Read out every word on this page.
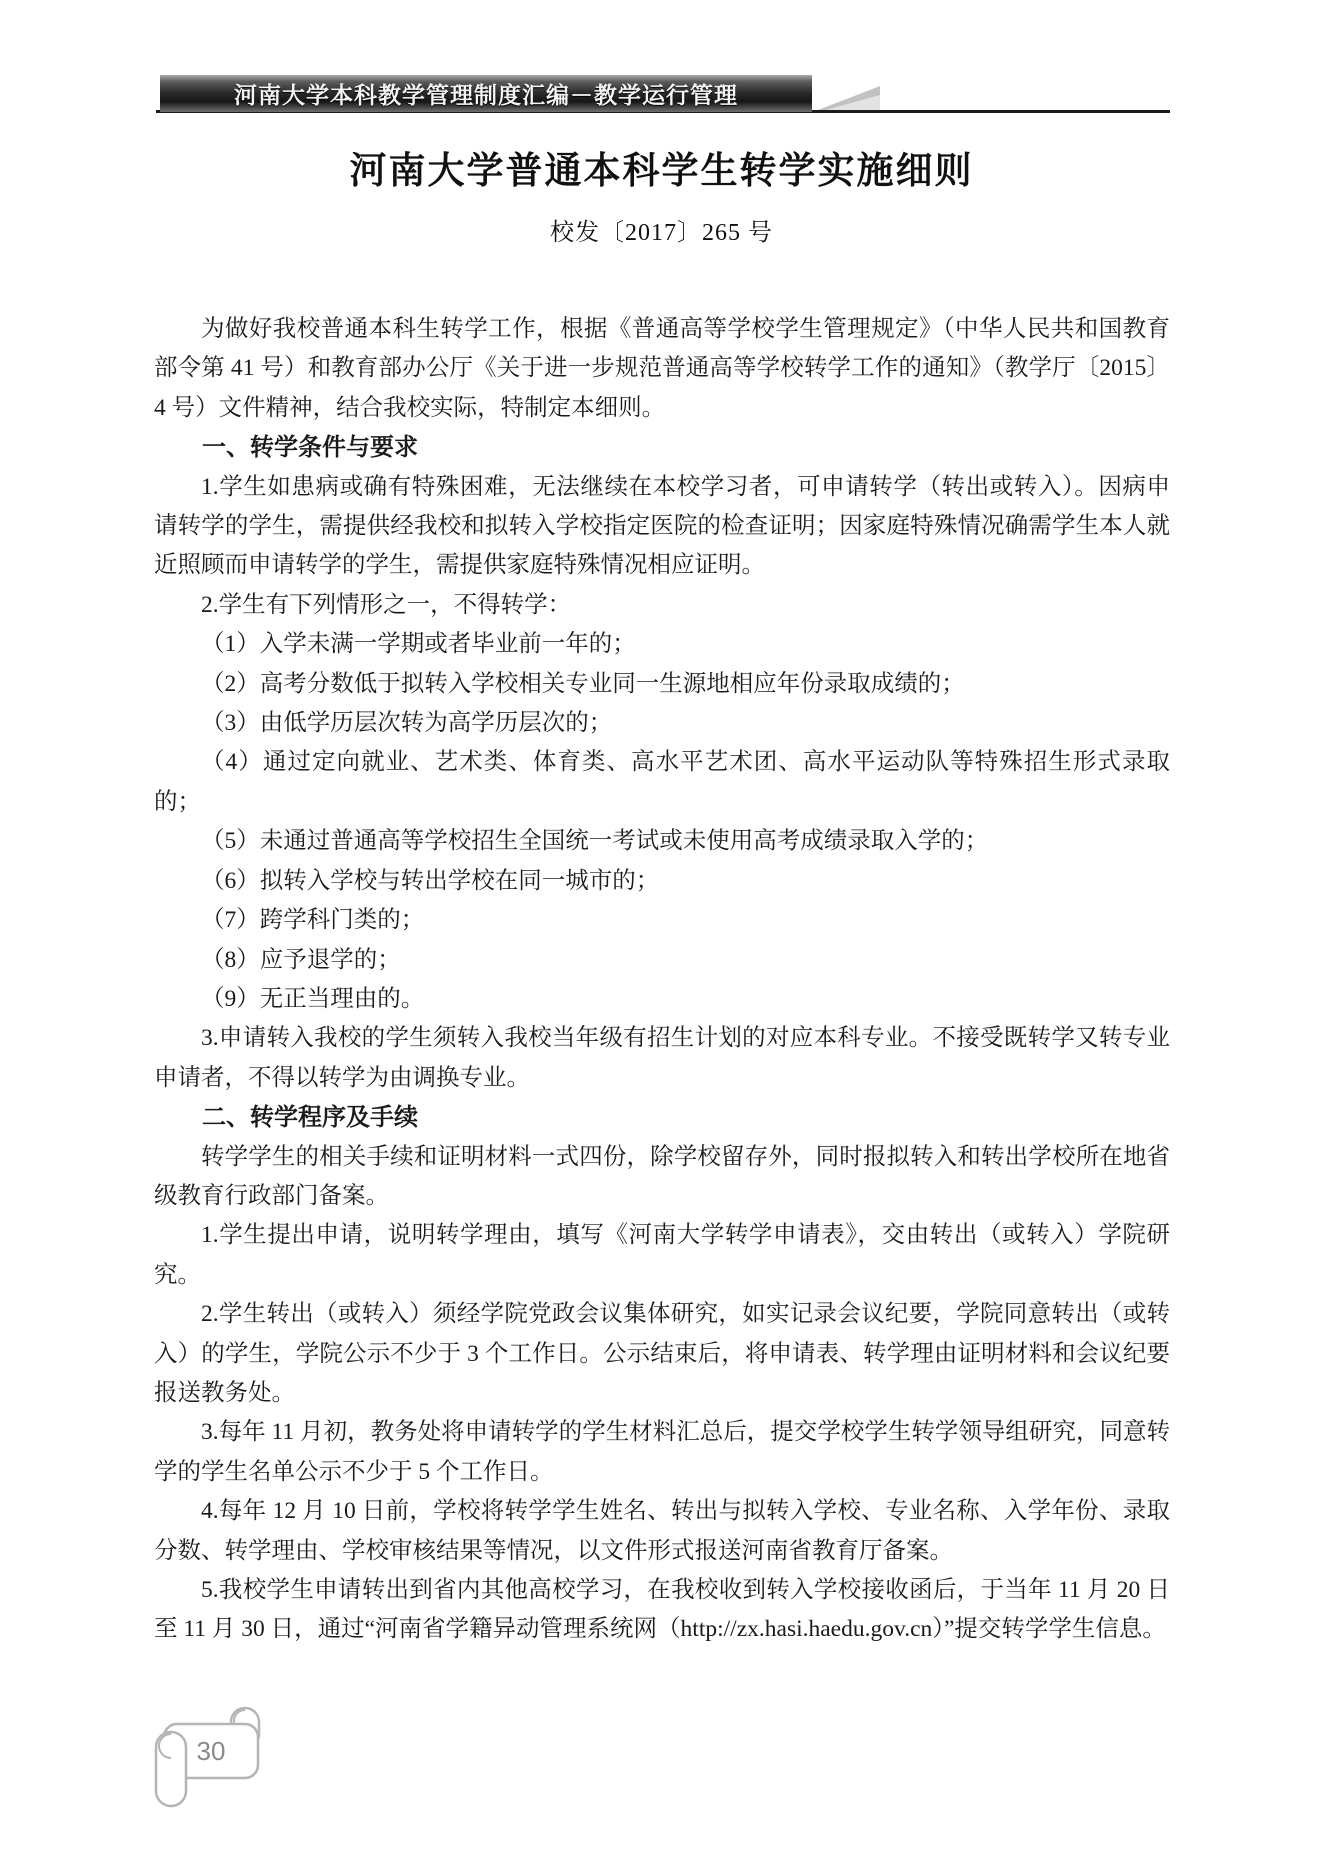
河南大学本科教学管理制度汇编－教学运行管理
河南大学普通本科学生转学实施细则
校发〔2017〕265 号

为做好我校普通本科生转学工作，根据《普通高等学校学生管理规定》（中华人民共和国教育部令第 41 号）和教育部办公厅《关于进一步规范普通高等学校转学工作的通知》（教学厅〔2015〕4 号）文件精神，结合我校实际，特制定本细则。

一、转学条件与要求

1.学生如患病或确有特殊困难，无法继续在本校学习者，可申请转学（转出或转入）。因病申请转学的学生，需提供经我校和拟转入学校指定医院的检查证明；因家庭特殊情况确需学生本人就近照顾而申请转学的学生，需提供家庭特殊情况相应证明。

2.学生有下列情形之一，不得转学：

（1）入学未满一学期或者毕业前一年的；

（2）高考分数低于拟转入学校相关专业同一生源地相应年份录取成绩的；

（3）由低学历层次转为高学历层次的；

（4）通过定向就业、艺术类、体育类、高水平艺术团、高水平运动队等特殊招生形式录取的；

（5）未通过普通高等学校招生全国统一考试或未使用高考成绩录取入学的；

（6）拟转入学校与转出学校在同一城市的；

（7）跨学科门类的；

（8）应予退学的；

（9）无正当理由的。

3.申请转入我校的学生须转入我校当年级有招生计划的对应本科专业。不接受既转学又转专业申请者，不得以转学为由调换专业。

二、转学程序及手续

转学学生的相关手续和证明材料一式四份，除学校留存外，同时报拟转入和转出学校所在地省级教育行政部门备案。

1.学生提出申请，说明转学理由，填写《河南大学转学申请表》，交由转出（或转入）学院研究。

2.学生转出（或转入）须经学院党政会议集体研究，如实记录会议纪要，学院同意转出（或转入）的学生，学院公示不少于 3 个工作日。公示结束后，将申请表、转学理由证明材料和会议纪要报送教务处。

3.每年 11 月初，教务处将申请转学的学生材料汇总后，提交学校学生转学领导组研究，同意转学的学生名单公示不少于 5 个工作日。

4.每年 12 月 10 日前，学校将转学学生姓名、转出与拟转入学校、专业名称、入学年份、录取分数、转学理由、学校审核结果等情况，以文件形式报送河南省教育厅备案。

5.我校学生申请转出到省内其他高校学习，在我校收到转入学校接收函后，于当年 11 月 20 日至 11 月 30 日，通过“河南省学籍异动管理系统网（http://zx.hasi.haedu.gov.cn）”提交转学学生信息。

30
